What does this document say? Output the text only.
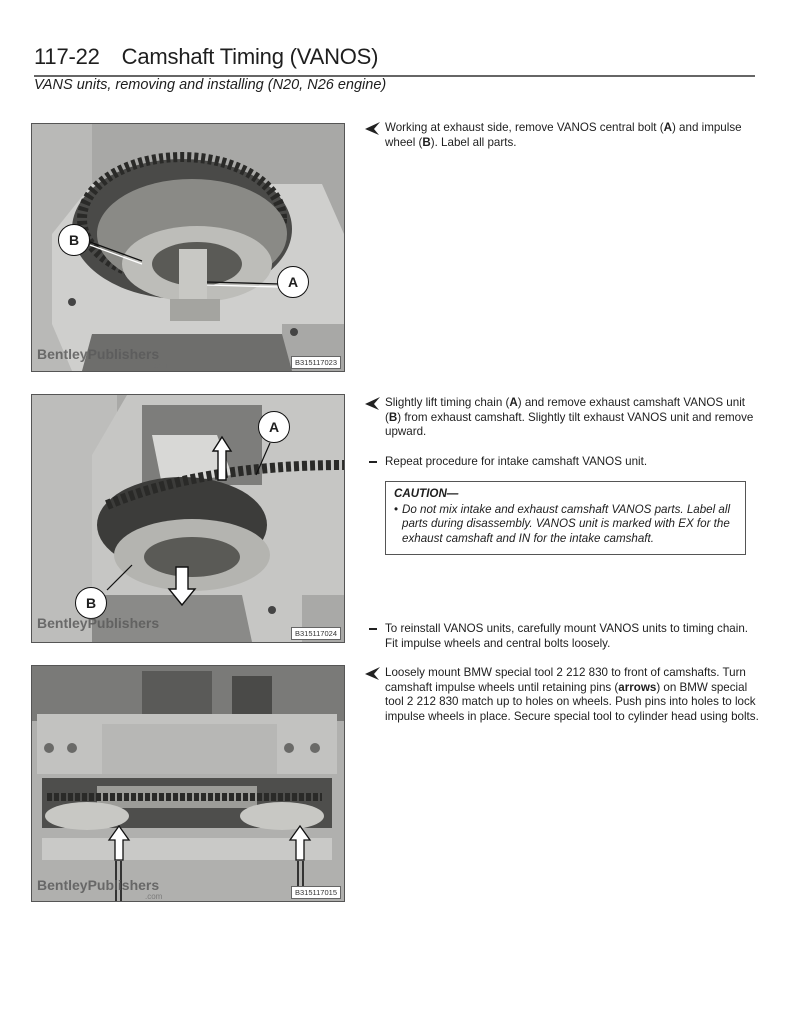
117-22 Camshaft Timing (VANOS)
VANS units, removing and installing (N20, N26 engine)
B
A
BentleyPublishers
.com	B315117023
A
B
BentleyPublishers
B315117024
BentleyPublishers
.com	B315117015
Working at exhaust side, remove VANOS central bolt (A) and impulse wheel (B). Label all parts.
Slightly lift timing chain (A) and remove exhaust camshaft VANOS unit (B) from exhaust camshaft. Slightly tilt exhaust VANOS unit and remove upward.
Repeat procedure for intake camshaft VANOS unit.
CAUTION—
• Do not mix intake and exhaust camshaft VANOS parts. Label all parts during disassembly. VANOS unit is marked with EX for the exhaust camshaft and IN for the intake camshaft.
To reinstall VANOS units, carefully mount VANOS units to timing chain. Fit impulse wheels and central bolts loosely.
Loosely mount BMW special tool 2 212 830 to front of camshafts. Turn camshaft impulse wheels until retaining pins (arrows) on BMW special tool 2 212 830 match up to holes on wheels. Push pins into holes to lock impulse wheels in place. Secure special tool to cylinder head using bolts.
